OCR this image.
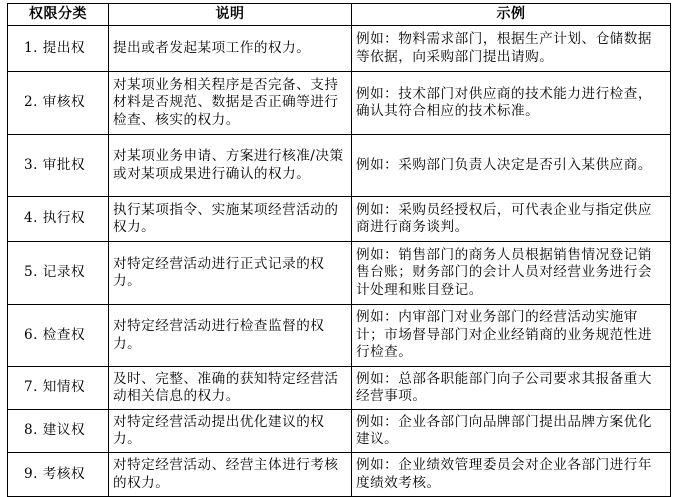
权限分类	说明	示例
1. 提出权	提出或者发起某项工作的权力。	例如：物料需求部门，根据生产计划、仓储数据等依据，向采购部门提出请购。
2. 审核权	对某项业务相关程序是否完备、支持材料是否规范、数据是否正确等进行检查、核实的权力。	例如：技术部门对供应商的技术能力进行检查，确认其符合相应的技术标准。
3. 审批权	对某项业务申请、方案进行核准/决策或对某项成果进行确认的权力。	例如：采购部门负责人决定是否引入某供应商。
4. 执行权	执行某项指令、实施某项经营活动的权力。	例如：采购员经授权后，可代表企业与指定供应商进行商务谈判。
5. 记录权	对特定经营活动进行正式记录的权力。	例如：销售部门的商务人员根据销售情况登记销售台账；财务部门的会计人员对经营业务进行会计处理和账目登记。
6. 检查权	对特定经营活动进行检查监督的权力。	例如：内审部门对业务部门的经营活动实施审计；市场督导部门对企业经销商的业务规范性进行检查。
7. 知情权	及时、完整、准确的获知特定经营活动相关信息的权力。	例如：总部各职能部门向子公司要求其报备重大经营事项。
8. 建议权	对特定经营活动提出优化建议的权力。	例如：企业各部门向品牌部门提出品牌方案优化建议。
9. 考核权	对特定经营活动、经营主体进行考核的权力。	例如：企业绩效管理委员会对企业各部门进行年度绩效考核。
